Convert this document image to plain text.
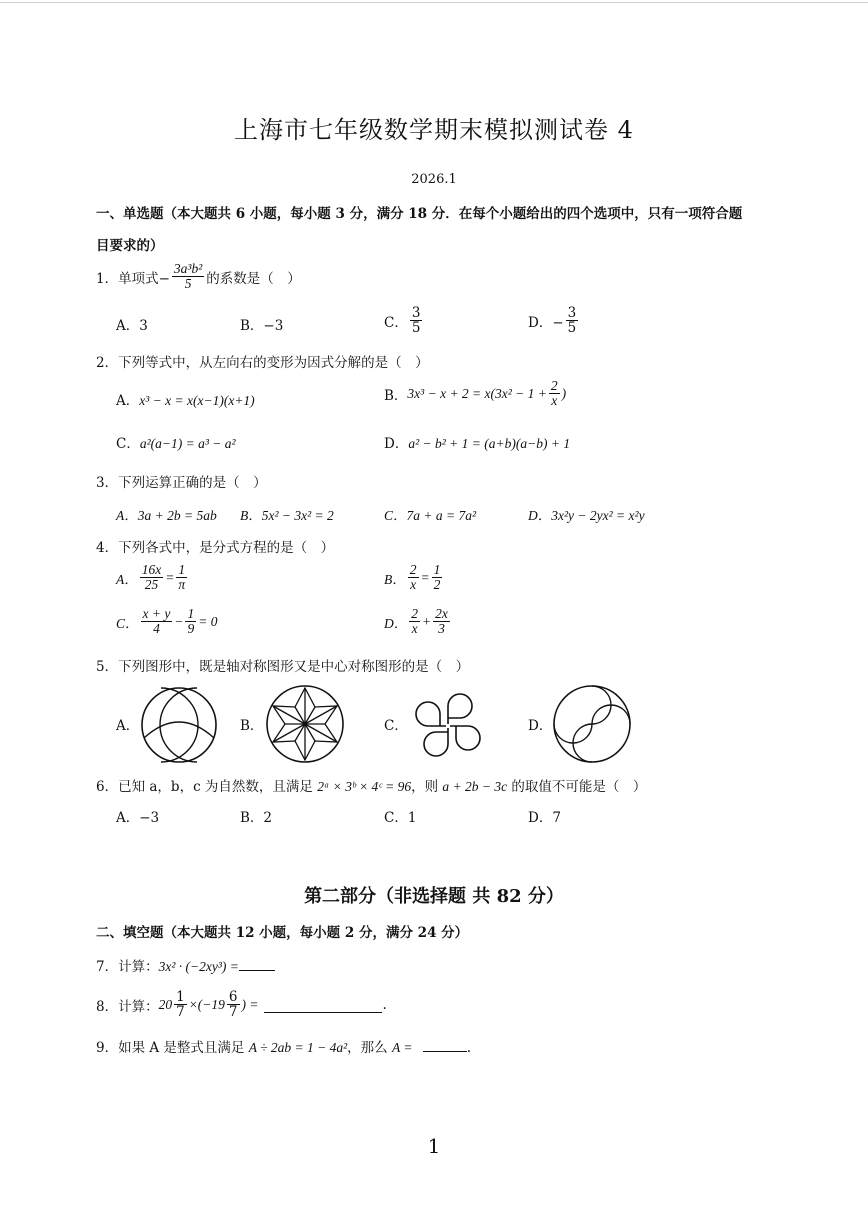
上海市七年级数学期末模拟测试卷 4
2026.1
一、单选题（本大题共 6 小题，每小题 3 分，满分 18 分．在每个小题给出的四个选项中，只有一项符合题
目要求的）
1．单项式− $\frac{\text{3a³b²}}{5}$ 的系数是（　）
A．3	B．−3	C． $\frac{3}{5}$	D．− $\frac{3}{5}$
2．下列等式中，从左向右的变形为因式分解的是（　）
A．x³ − x = x(x−1)(x+1)	B． $3x^3 - x + 2 = x(3x^2 - 1 + \frac{2}{x}$ )
C．a²(a−1) = a³ − a²	D．a² − b² + 1 = (a+b)(a−b) + 1
3．下列运算正确的是（　）
A．3a + 2b = 5ab B．5x² − 3x² = 2	C．7a + a = 7a²	D．3x²y − 2yx² = x²y
4．下列各式中，是分式方程的是（　）
A． $\frac{16x}{25} = \frac{1}{\pi}$	B． $\frac{2}{x} = \frac{1}{2}$
C． $\frac{x + y}{4} - \frac{1}{9} = 0$	D． $\frac{2}{x} + \frac{2x}{3}$
5．下列图形中，既是轴对称图形又是中心对称图形的是（　）
A．	B．	C．	D．
6．已知 a，b，c 为自然数，且满足 2ᵃ × 3ᵇ × 4ᶜ = 96，则 a + 2b − 3c 的取值不可能是（　）
A．−3	B．2	C．1	D．7
第二部分（非选择题 共 82 分）
二、填空题（本大题共 12 小题，每小题 2 分，满分 24 分）
7．计算：3x² · (−2xy³) =
8．计算： $20 \frac{1}{7} \times(-19 \frac{6}{7}$ ) =	.
9．如果 A 是整式且满足 A ÷ 2ab = 1 − 4a²，那么 A =	.
1
